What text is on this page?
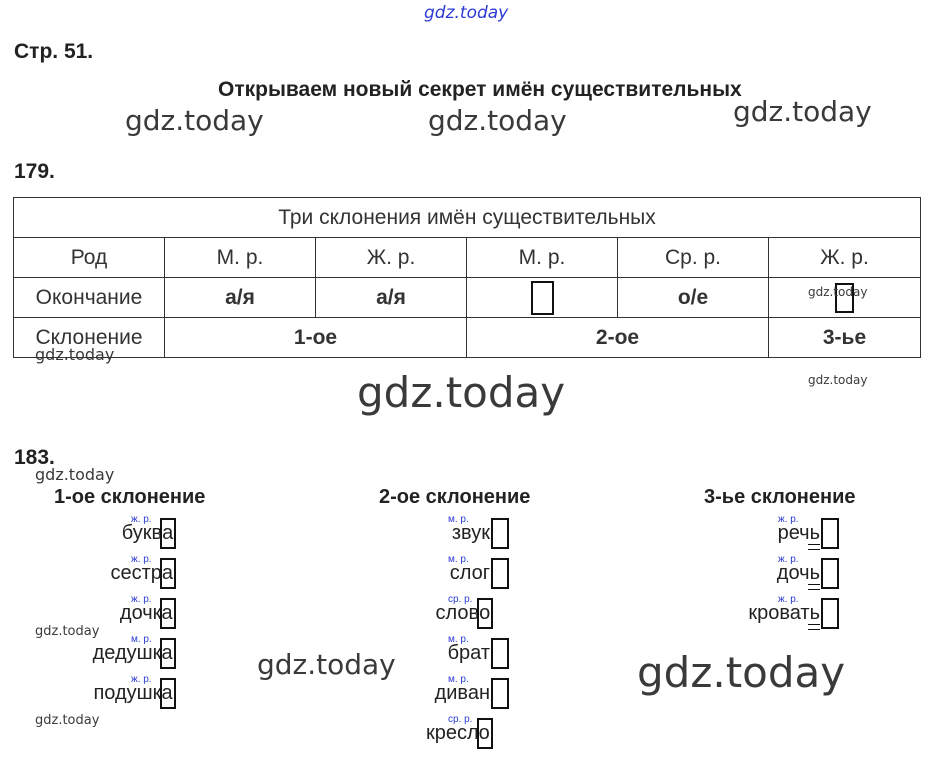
gdz.today
gdz.today	gdz.today	gdz.today
gdz.today	gdz.today
gdz.today
gdz.today
gdz.today
gdz.today
gdz.today
gdz.today	gdz.today
Стр. 51.
Открываем новый секрет имён существительных
179.
Три склонения имён существительных					
Род	М. р.	Ж. р.	М. р.	Ср. р.	Ж. р.
Окончание	а/я	а/я		о/е	
Склонение	1-ое		2-ое		3-ье
183.
1-ое склонение	2-ое склонение	3-ье склонение
ж. р.
буква
ж. р.
сестра
ж. р.
дочка
м. р.
дедушка
ж. р.
подушка
м. р.
звук
м. р.
слог
ср. р.
слово
м. р.
брат
м. р.
диван
ср. р.
кресло
ж. р.
речь
ж. р.
дочь
ж. р.
кровать
